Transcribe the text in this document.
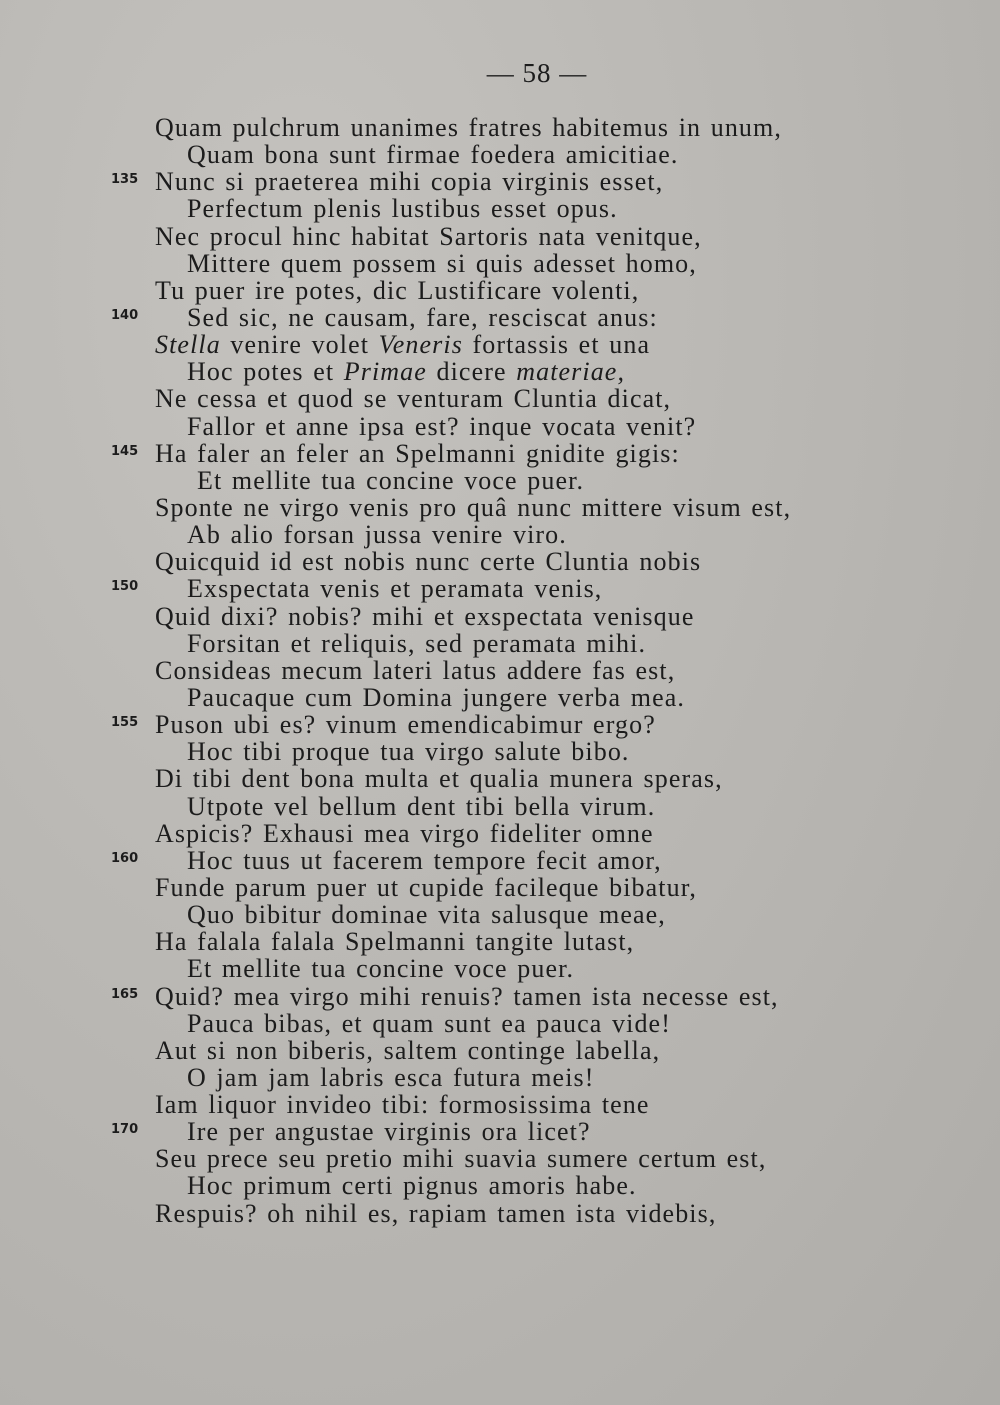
— 58 —
Quam pulchrum unanimes fratres habitemus in unum,
Quam bona sunt firmae foedera amicitiae.
135 Nunc si praeterea mihi copia virginis esset,
Perfectum plenis lustibus esset opus.
Nec procul hinc habitat Sartoris nata venitque,
Mittere quem possem si quis adesset homo,
Tu puer ire potes, dic Lustificare volenti,
140 Sed sic, ne causam, fare, resciscat anus:
Stella venire volet Veneris fortassis et una
Hoc potes et Primae dicere materiae,
Ne cessa et quod se venturam Cluntia dicat,
Fallor et anne ipsa est? inque vocata venit?
145 Ha faler an feler an Spelmanni gnidite gigis:
Et mellite tua concine voce puer.
Sponte ne virgo venis pro quâ nunc mittere visum est,
Ab alio forsan jussa venire viro.
Quicquid id est nobis nunc certe Cluntia nobis
150 Exspectata venis et peramata venis,
Quid dixi? nobis? mihi et exspectata venisque
Forsitan et reliquis, sed peramata mihi.
Consideas mecum lateri latus addere fas est,
Paucaque cum Domina jungere verba mea.
155 Puson ubi es? vinum emendicabimur ergo?
Hoc tibi proque tua virgo salute bibo.
Di tibi dent bona multa et qualia munera speras,
Utpote vel bellum dent tibi bella virum.
Aspicis? Exhausi mea virgo fideliter omne
160 Hoc tuus ut facerem tempore fecit amor,
Funde parum puer ut cupide facileque bibatur,
Quo bibitur dominae vita salusque meae,
Ha falala falala Spelmanni tangite lutast,
Et mellite tua concine voce puer.
165 Quid? mea virgo mihi renuis? tamen ista necesse est,
Pauca bibas, et quam sunt ea pauca vide!
Aut si non biberis, saltem continge labella,
O jam jam labris esca futura meis!
Iam liquor invideo tibi: formosissima tene
170 Ire per angustae virginis ora licet?
Seu prece seu pretio mihi suavia sumere certum est,
Hoc primum certi pignus amoris habe.
Respuis? oh nihil es, rapiam tamen ista videbis,
